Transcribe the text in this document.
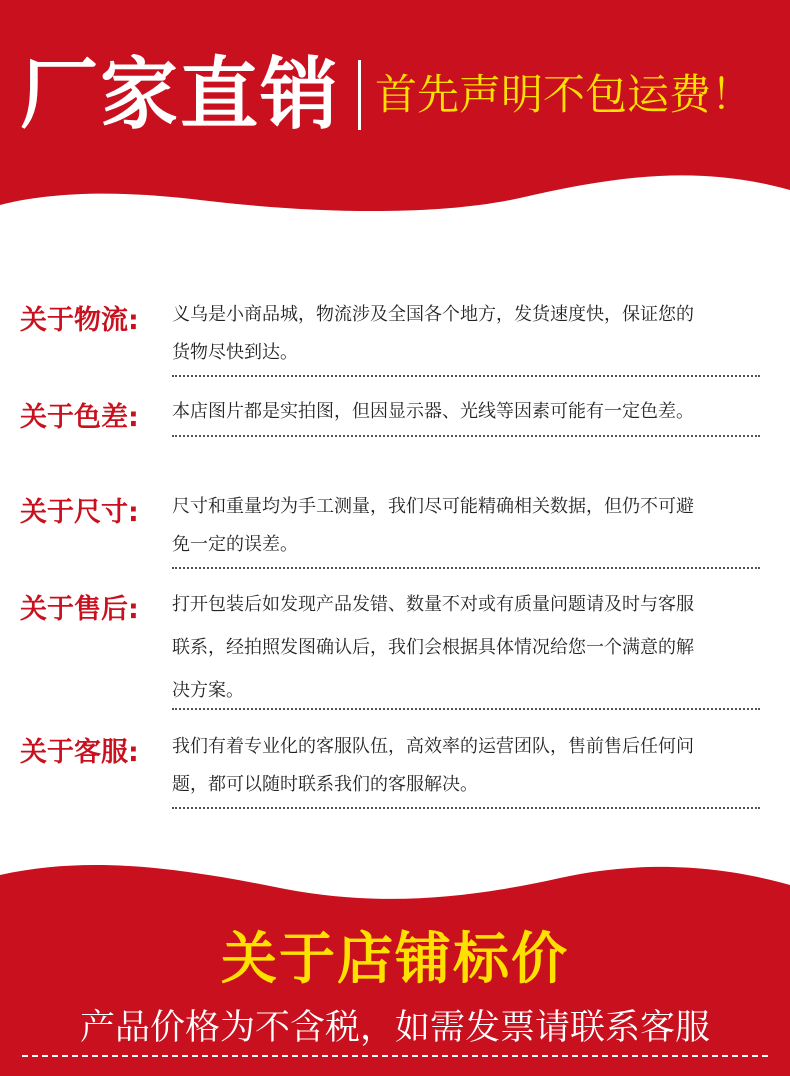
厂家直销 首先声明不包运费！
关于物流: 义乌是小商品城，物流涉及全国各个地方，发货速度快，保证您的

货物尽快到达。

关于色差: 本店图片都是实拍图，但因显示器、光线等因素可能有一定色差。

关于尺寸: 尺寸和重量均为手工测量，我们尽可能精确相关数据，但仍不可避

免一定的误差。

关于售后: 打开包装后如发现产品发错、数量不对或有质量问题请及时与客服

联系，经拍照发图确认后，我们会根据具体情况给您一个满意的解

决方案。

关于客服: 我们有着专业化的客服队伍，高效率的运营团队，售前售后任何问

题，都可以随时联系我们的客服解决。

关于店铺标价
产品价格为不含税，如需发票请联系客服
